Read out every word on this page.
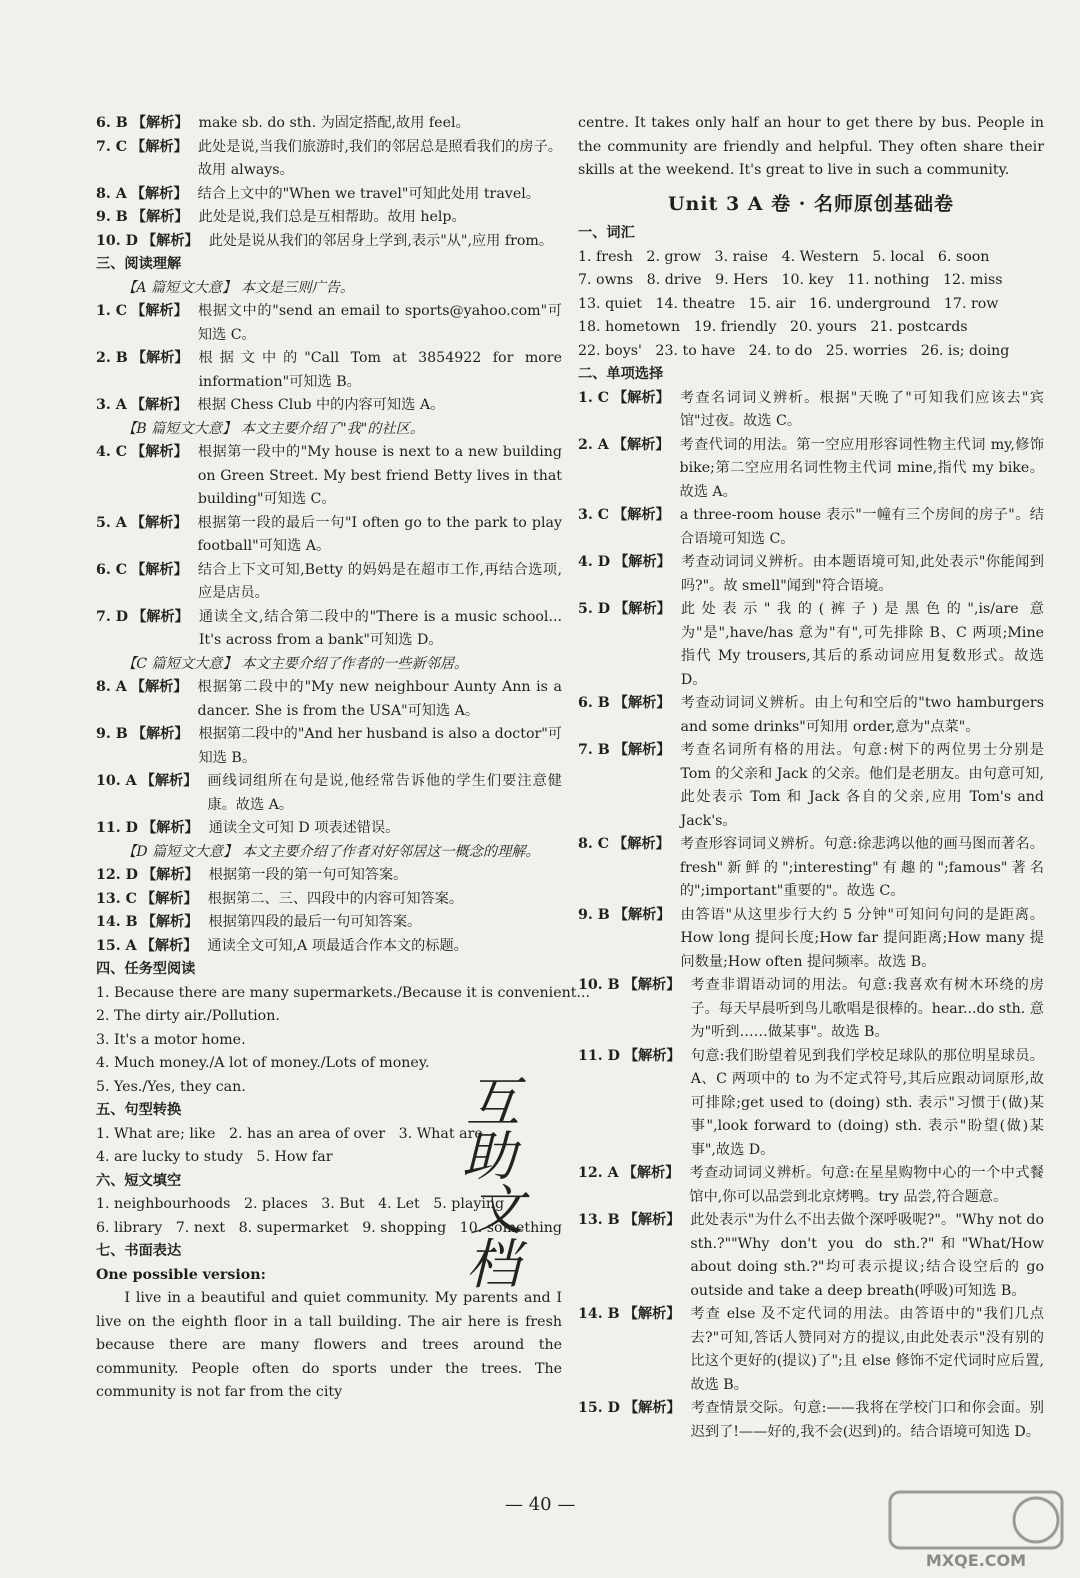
6. B 【解析】 make sb. do sth. 为固定搭配,故用 feel。
7. C 【解析】 此处是说,当我们旅游时,我们的邻居总是照看我们的房子。故用 always。
8. A 【解析】 结合上文中的"When we travel"可知此处用 travel。
9. B 【解析】 此处是说,我们总是互相帮助。故用 help。
10. D 【解析】 此处是说从我们的邻居身上学到,表示"从",应用 from。
三、阅读理解
【A 篇短文大意】 本文是三则广告。
1. C 【解析】 根据文中的"send an email to sports@yahoo.com"可知选 C。
2. B 【解析】 根据文中的"Call Tom at 3854922 for more information"可知选 B。
3. A 【解析】 根据 Chess Club 中的内容可知选 A。
【B 篇短文大意】 本文主要介绍了"我"的社区。
4. C 【解析】 根据第一段中的"My house is next to a new building on Green Street. My best friend Betty lives in that building"可知选 C。
5. A 【解析】 根据第一段的最后一句"I often go to the park to play football"可知选 A。
6. C 【解析】 结合上下文可知,Betty 的妈妈是在超市工作,再结合选项,应是店员。
7. D 【解析】 通读全文,结合第二段中的"There is a music school... It's across from a bank"可知选 D。
【C 篇短文大意】 本文主要介绍了作者的一些新邻居。
8. A 【解析】 根据第二段中的"My new neighbour Aunty Ann is a dancer. She is from the USA"可知选 A。
9. B 【解析】 根据第二段中的"And her husband is also a doctor"可知选 B。
10. A 【解析】 画线词组所在句是说,他经常告诉他的学生们要注意健康。故选 A。
11. D 【解析】 通读全文可知 D 项表述错误。
【D 篇短文大意】 本文主要介绍了作者对好邻居这一概念的理解。
12. D 【解析】 根据第一段的第一句可知答案。
13. C 【解析】 根据第二、三、四段中的内容可知答案。
14. B 【解析】 根据第四段的最后一句可知答案。
15. A 【解析】 通读全文可知,A 项最适合作本文的标题。
四、任务型阅读
1. Because there are many supermarkets./Because it is convenient...
2. The dirty air./Pollution.
3. It's a motor home.
4. Much money./A lot of money./Lots of money.
5. Yes./Yes, they can.
五、句型转换
1. What are; like   2. has an area of over   3. What are
4. are lucky to study   5. How far
六、短文填空
1. neighbourhoods   2. places   3. But   4. Let   5. playing
6. library   7. next   8. supermarket   9. shopping   10. something
七、书面表达
One possible version:
I live in a beautiful and quiet community. My parents and I live on the eighth floor in a tall building. The air here is fresh because there are many flowers and trees around the community. People often do sports under the trees. The community is not far from the city
centre. It takes only half an hour to get there by bus. People in the community are friendly and helpful. They often share their skills at the weekend. It's great to live in such a community.
Unit 3 A 卷 · 名师原创基础卷
一、词汇
1. fresh   2. grow   3. raise   4. Western   5. local   6. soon
7. owns   8. drive   9. Hers   10. key   11. nothing   12. miss
13. quiet   14. theatre   15. air   16. underground   17. row
18. hometown   19. friendly   20. yours   21. postcards
22. boys'   23. to have   24. to do   25. worries   26. is; doing
二、单项选择
1. C 【解析】 考查名词词义辨析。根据"天晚了"可知我们应该去"宾馆"过夜。故选 C。
2. A 【解析】 考查代词的用法。第一空应用形容词性物主代词 my,修饰 bike;第二空应用名词性物主代词 mine,指代 my bike。故选 A。
3. C 【解析】 a three-room house 表示"一幢有三个房间的房子"。结合语境可知选 C。
4. D 【解析】 考查动词词义辨析。由本题语境可知,此处表示"你能闻到吗?"。故 smell"闻到"符合语境。
5. D 【解析】 此处表示"我的(裤子)是黑色的",is/are 意为"是",have/has 意为"有",可先排除 B、C 两项;Mine 指代 My trousers,其后的系动词应用复数形式。故选 D。
6. B 【解析】 考查动词词义辨析。由上句和空后的"two hamburgers and some drinks"可知用 order,意为"点菜"。
7. B 【解析】 考查名词所有格的用法。句意:树下的两位男士分别是 Tom 的父亲和 Jack 的父亲。他们是老朋友。由句意可知,此处表示 Tom 和 Jack 各自的父亲,应用 Tom's and Jack's。
8. C 【解析】 考查形容词词义辨析。句意:徐悲鸿以他的画马图而著名。fresh"新鲜的";interesting"有趣的";famous"著名的";important"重要的"。故选 C。
9. B 【解析】 由答语"从这里步行大约 5 分钟"可知问句问的是距离。How long 提问长度;How far 提问距离;How many 提问数量;How often 提问频率。故选 B。
10. B 【解析】 考查非谓语动词的用法。句意:我喜欢有树木环绕的房子。每天早晨听到鸟儿歌唱是很棒的。hear...do sth. 意为"听到……做某事"。故选 B。
11. D 【解析】 句意:我们盼望着见到我们学校足球队的那位明星球员。A、C 两项中的 to 为不定式符号,其后应跟动词原形,故可排除;get used to (doing) sth. 表示"习惯于(做)某事",look forward to (doing) sth. 表示"盼望(做)某事",故选 D。
12. A 【解析】 考查动词词义辨析。句意:在星星购物中心的一个中式餐馆中,你可以品尝到北京烤鸭。try 品尝,符合题意。
13. B 【解析】 此处表示"为什么不出去做个深呼吸呢?"。"Why not do sth.?""Why don't you do sth.?"和"What/How about doing sth.?"均可表示提议;结合设空后的 go outside and take a deep breath(呼吸)可知选 B。
14. B 【解析】 考查 else 及不定代词的用法。由答语中的"我们几点去?"可知,答话人赞同对方的提议,由此处表示"没有别的比这个更好的(提议)了";且 else 修饰不定代词时应后置,故选 B。
15. D 【解析】 考查情景交际。句意:——我将在学校门口和你会面。别迟到了!——好的,我不会(迟到)的。结合语境可知选 D。
互
助
文
档
— 40 —
MXQE.COM
